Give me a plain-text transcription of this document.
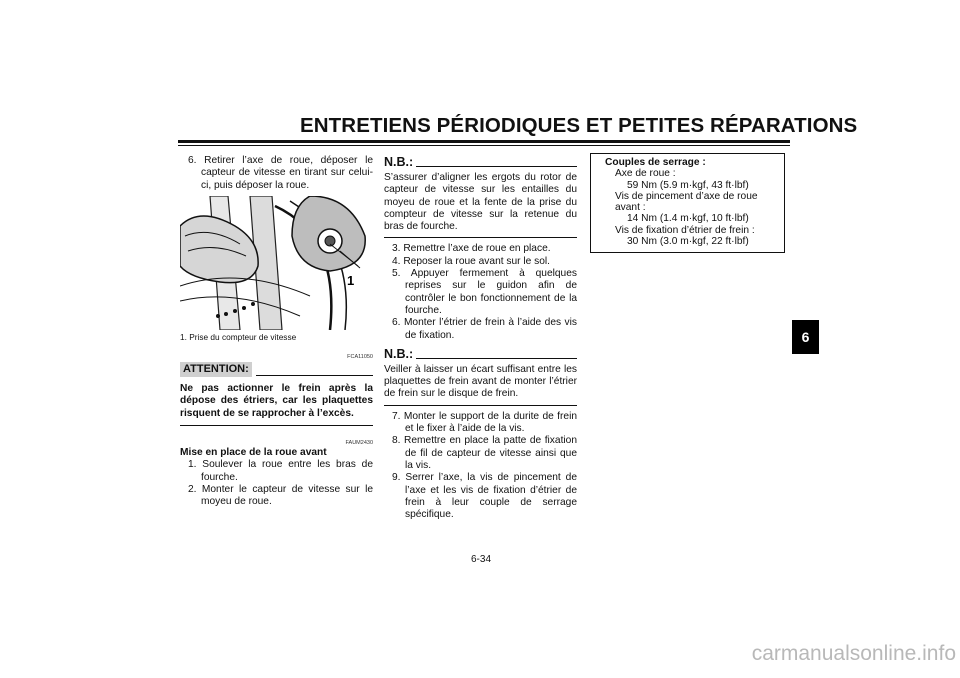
ENTRETIENS PÉRIODIQUES ET PETITES RÉPARATIONS
6

6. Retirer l’axe de roue, déposer le capteur de vitesse en tirant sur celui-ci, puis déposer la roue.

1
1. Prise du compteur de vitesse
FCA11050
ATTENTION:
Ne pas actionner le frein après la dépose des étriers, car les plaquettes risquent de se rapprocher à l’excès.
FAUM2430
Mise en place de la roue avant

1. Soulever la roue entre les bras de fourche.

2. Monter le capteur de vitesse sur le moyeu de roue.

N.B.:
S’assurer d’aligner les ergots du rotor de capteur de vitesse sur les entailles du moyeu de roue et la fente de la prise du compteur de vitesse sur la retenue du bras de fourche.

3. Remettre l’axe de roue en place.

4. Reposer la roue avant sur le sol.

5. Appuyer fermement à quelques reprises sur le guidon afin de contrôler le bon fonctionnement de la fourche.

6. Monter l’étrier de frein à l’aide des vis de fixation.

N.B.:
Veiller à laisser un écart suffisant entre les plaquettes de frein avant de monter l’étrier de frein sur le disque de frein.

7. Monter le support de la durite de frein et le fixer à l’aide de la vis.

8. Remettre en place la patte de fixation de fil de capteur de vitesse ainsi que la vis.

9. Serrer l’axe, la vis de pincement de l’axe et les vis de fixation d’étrier de frein à leur couple de serrage spécifique.

Couples de serrage :
Axe de roue :
59 Nm (5.9 m·kgf, 43 ft·lbf)
Vis de pincement d’axe de roue
avant :
14 Nm (1.4 m·kgf, 10 ft·lbf)
Vis de fixation d’étrier de frein :
30 Nm (3.0 m·kgf, 22 ft·lbf)
6-34
carmanualsonline.info
